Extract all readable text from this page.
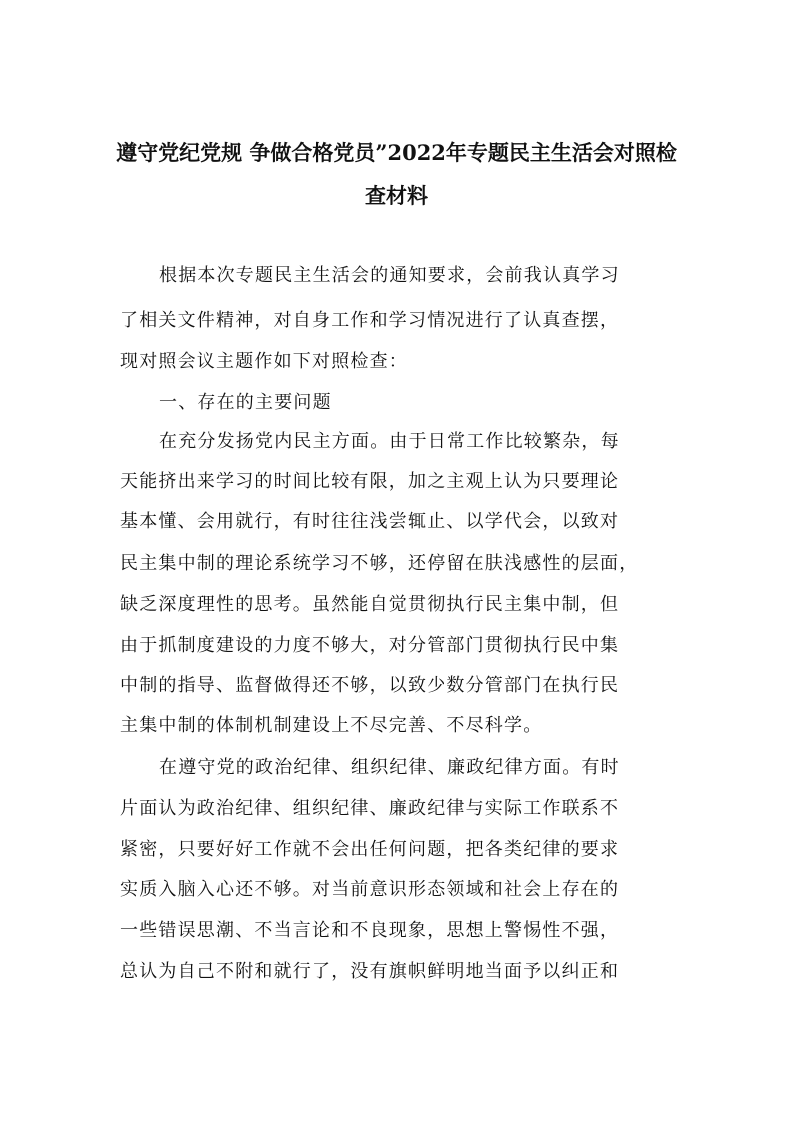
遵守党纪党规 争做合格党员”2022年专题民主生活会对照检
查材料

根据本次专题民主生活会的通知要求，会前我认真学习

了相关文件精神，对自身工作和学习情况进行了认真查摆，

现对照会议主题作如下对照检查：

一、存在的主要问题

在充分发扬党内民主方面。由于日常工作比较繁杂，每

天能挤出来学习的时间比较有限，加之主观上认为只要理论

基本懂、会用就行，有时往往浅尝辄止、以学代会，以致对

民主集中制的理论系统学习不够，还停留在肤浅感性的层面，

缺乏深度理性的思考。虽然能自觉贯彻执行民主集中制，但

由于抓制度建设的力度不够大，对分管部门贯彻执行民中集

中制的指导、监督做得还不够，以致少数分管部门在执行民

主集中制的体制机制建设上不尽完善、不尽科学。

在遵守党的政治纪律、组织纪律、廉政纪律方面。有时

片面认为政治纪律、组织纪律、廉政纪律与实际工作联系不

紧密，只要好好工作就不会出任何问题，把各类纪律的要求

实质入脑入心还不够。对当前意识形态领域和社会上存在的

一些错误思潮、不当言论和不良现象，思想上警惕性不强，

总认为自己不附和就行了，没有旗帜鲜明地当面予以纠正和
